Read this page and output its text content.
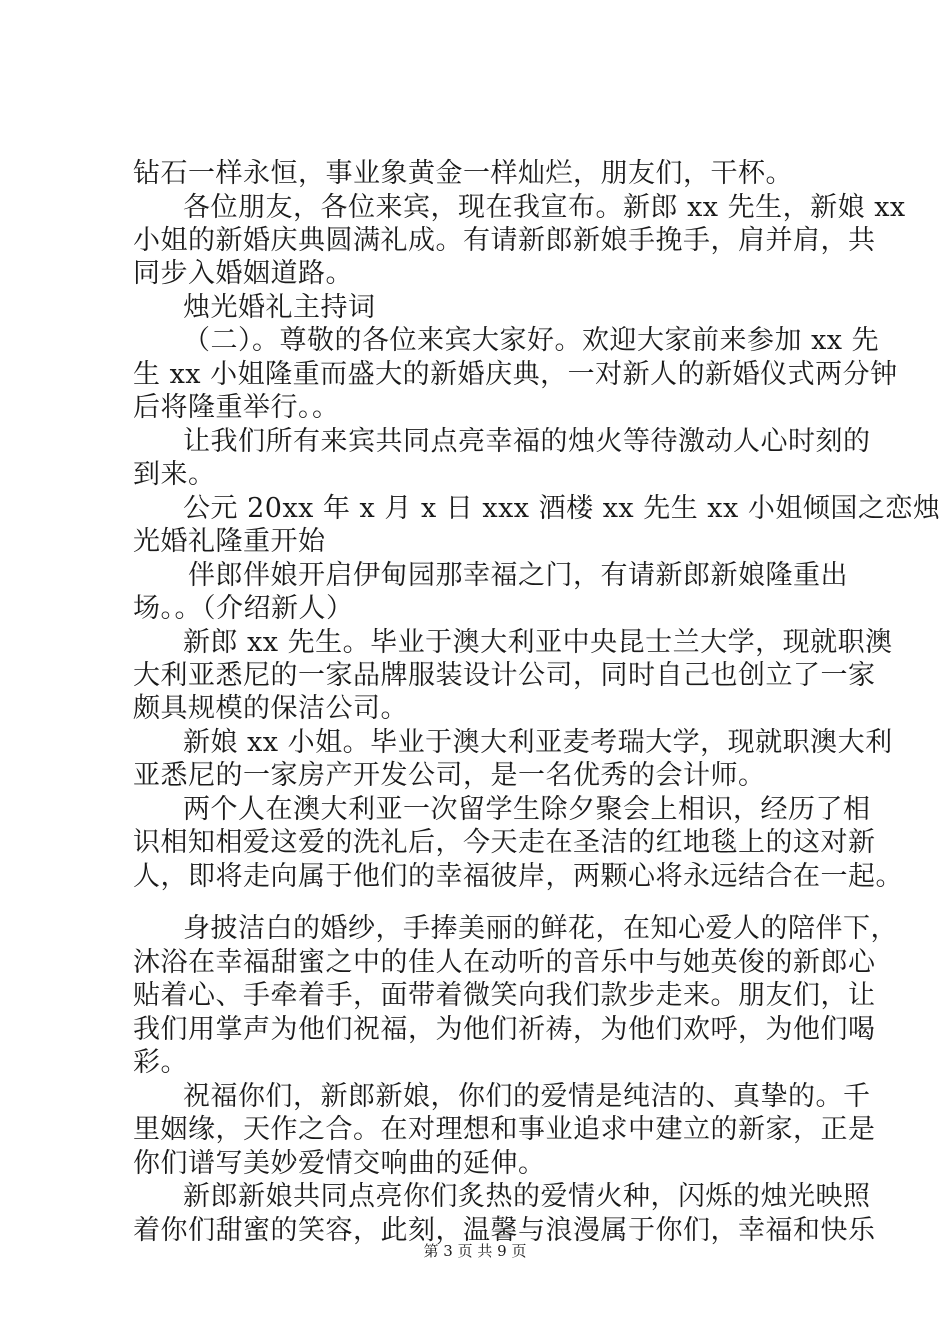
钻石一样永恒，事业象黄金一样灿烂，朋友们，干杯。
各位朋友，各位来宾，现在我宣布。新郎 xx 先生，新娘 xx
小姐的新婚庆典圆满礼成。有请新郎新娘手挽手，肩并肩，共
同步入婚姻道路。
烛光婚礼主持词
（二）。尊敬的各位来宾大家好。欢迎大家前来参加 xx 先
生 xx 小姐隆重而盛大的新婚庆典，一对新人的新婚仪式两分钟
后将隆重举行。。
让我们所有来宾共同点亮幸福的烛火等待激动人心时刻的
到来。
公元 20xx 年 x 月 x 日 xxx 酒楼 xx 先生 xx 小姐倾国之恋烛
光婚礼隆重开始
伴郎伴娘开启伊甸园那幸福之门，有请新郎新娘隆重出
场。。（介绍新人）
新郎 xx 先生。毕业于澳大利亚中央昆士兰大学，现就职澳
大利亚悉尼的一家品牌服装设计公司，同时自己也创立了一家
颇具规模的保洁公司。
新娘 xx 小姐。毕业于澳大利亚麦考瑞大学，现就职澳大利
亚悉尼的一家房产开发公司，是一名优秀的会计师。
两个人在澳大利亚一次留学生除夕聚会上相识，经历了相
识相知相爱这爱的洗礼后，今天走在圣洁的红地毯上的这对新
人，即将走向属于他们的幸福彼岸，两颗心将永远结合在一起。
身披洁白的婚纱，手捧美丽的鲜花，在知心爱人的陪伴下，
沐浴在幸福甜蜜之中的佳人在动听的音乐中与她英俊的新郎心
贴着心、手牵着手，面带着微笑向我们款步走来。朋友们，让
我们用掌声为他们祝福，为他们祈祷，为他们欢呼，为他们喝
彩。
祝福你们，新郎新娘，你们的爱情是纯洁的、真挚的。千
里姻缘，天作之合。在对理想和事业追求中建立的新家，正是
你们谱写美妙爱情交响曲的延伸。
新郎新娘共同点亮你们炙热的爱情火种，闪烁的烛光映照
着你们甜蜜的笑容，此刻，温馨与浪漫属于你们，幸福和快乐
第 3 页 共 9 页
